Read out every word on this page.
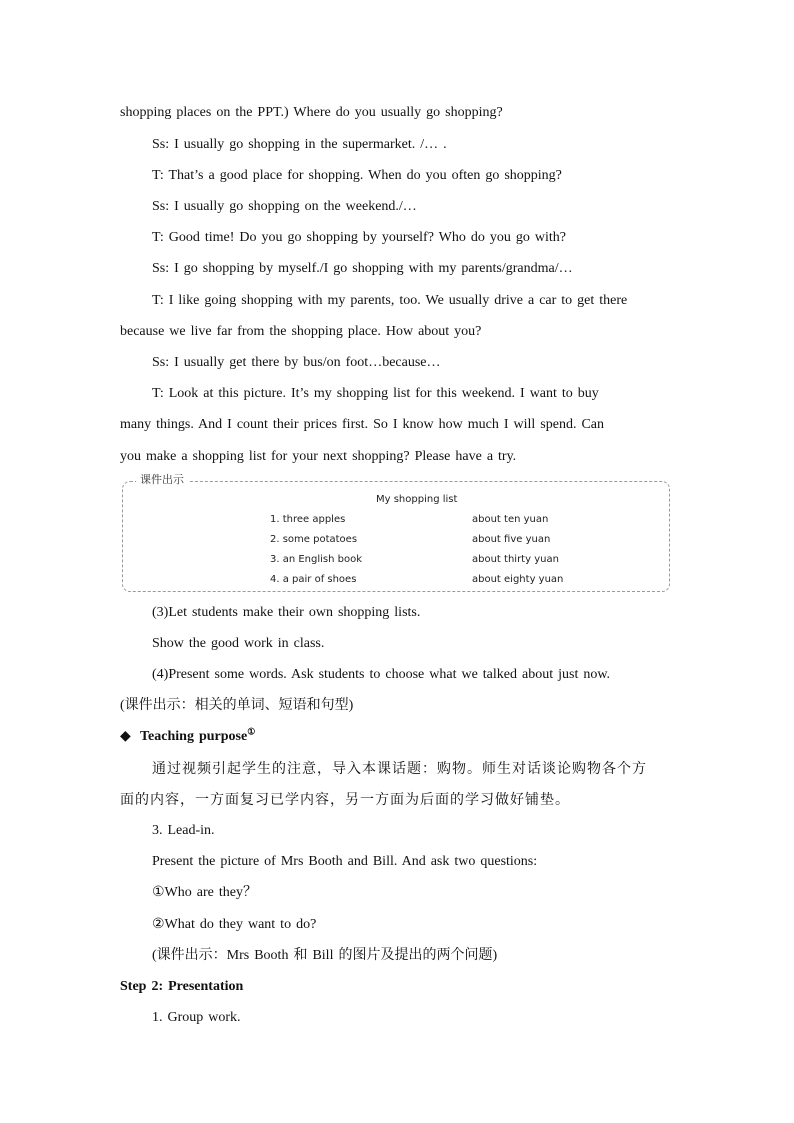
shopping places on the PPT.) Where do you usually go shopping?
Ss: I usually go shopping in the supermarket. /… .
T: That’s a good place for shopping. When do you often go shopping?
Ss: I usually go shopping on the weekend./…
T: Good time! Do you go shopping by yourself? Who do you go with?
Ss: I go shopping by myself./I go shopping with my parents/grandma/…
T: I like going shopping with my parents, too. We usually drive a car to get there
because we live far from the shopping place. How about you?
Ss: I usually get there by bus/on foot…because…
T: Look at this picture. It’s my shopping list for this weekend. I want to buy
many things. And I count their prices first. So I know how much I will spend. Can
you make a shopping list for your next shopping? Please have a try.
课件出示
My shopping list
1. three apples	about ten yuan
2. some potatoes	about five yuan
3. an English book	about thirty yuan
4. a pair of shoes	about eighty yuan
(3)Let students make their own shopping lists.
Show the good work in class.
(4)Present some words. Ask students to choose what we talked about just now.
(课件出示：相关的单词、短语和句型)
◆ Teaching purpose①
通过视频引起学生的注意，导入本课话题：购物。师生对话谈论购物各个方
面的内容，一方面复习已学内容，另一方面为后面的学习做好铺垫。
3. Lead-in.
Present the picture of Mrs Booth and Bill. And ask two questions:
①Who are they？
②What do they want to do?
(课件出示：Mrs Booth 和 Bill 的图片及提出的两个问题)
Step 2: Presentation
1. Group work.
